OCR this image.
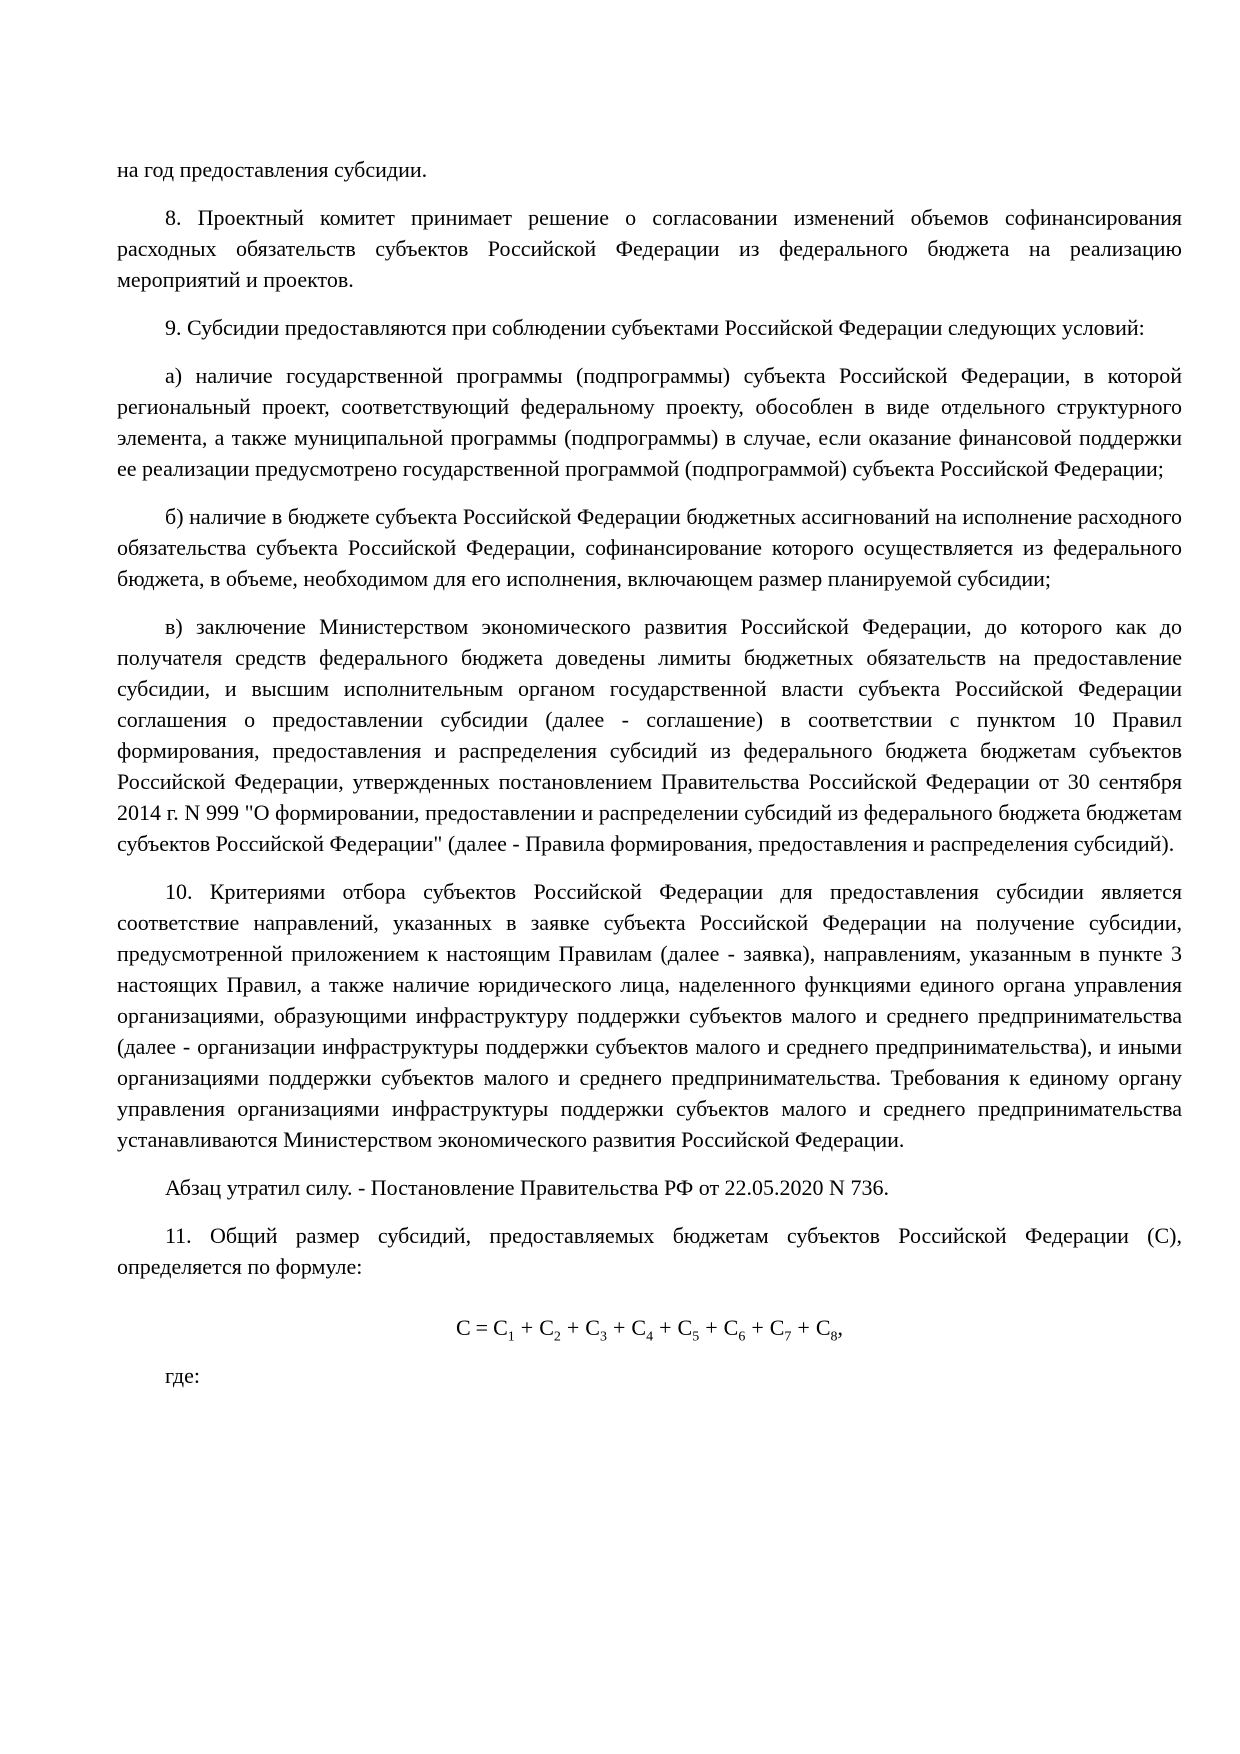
на год предоставления субсидии.
8. Проектный комитет принимает решение о согласовании изменений объемов софинансирования расходных обязательств субъектов Российской Федерации из федерального бюджета на реализацию мероприятий и проектов.
9. Субсидии предоставляются при соблюдении субъектами Российской Федерации следующих условий:
а) наличие государственной программы (подпрограммы) субъекта Российской Федерации, в которой региональный проект, соответствующий федеральному проекту, обособлен в виде отдельного структурного элемента, а также муниципальной программы (подпрограммы) в случае, если оказание финансовой поддержки ее реализации предусмотрено государственной программой (подпрограммой) субъекта Российской Федерации;
б) наличие в бюджете субъекта Российской Федерации бюджетных ассигнований на исполнение расходного обязательства субъекта Российской Федерации, софинансирование которого осуществляется из федерального бюджета, в объеме, необходимом для его исполнения, включающем размер планируемой субсидии;
в) заключение Министерством экономического развития Российской Федерации, до которого как до получателя средств федерального бюджета доведены лимиты бюджетных обязательств на предоставление субсидии, и высшим исполнительным органом государственной власти субъекта Российской Федерации соглашения о предоставлении субсидии (далее - соглашение) в соответствии с пунктом 10 Правил формирования, предоставления и распределения субсидий из федерального бюджета бюджетам субъектов Российской Федерации, утвержденных постановлением Правительства Российской Федерации от 30 сентября 2014 г. N 999 "О формировании, предоставлении и распределении субсидий из федерального бюджета бюджетам субъектов Российской Федерации" (далее - Правила формирования, предоставления и распределения субсидий).
10. Критериями отбора субъектов Российской Федерации для предоставления субсидии является соответствие направлений, указанных в заявке субъекта Российской Федерации на получение субсидии, предусмотренной приложением к настоящим Правилам (далее - заявка), направлениям, указанным в пункте 3 настоящих Правил, а также наличие юридического лица, наделенного функциями единого органа управления организациями, образующими инфраструктуру поддержки субъектов малого и среднего предпринимательства (далее - организации инфраструктуры поддержки субъектов малого и среднего предпринимательства), и иными организациями поддержки субъектов малого и среднего предпринимательства. Требования к единому органу управления организациями инфраструктуры поддержки субъектов малого и среднего предпринимательства устанавливаются Министерством экономического развития Российской Федерации.
Абзац утратил силу. - Постановление Правительства РФ от 22.05.2020 N 736.
11. Общий размер субсидий, предоставляемых бюджетам субъектов Российской Федерации (С), определяется по формуле:
$С = С_1 + С_2 + С_3 + С_4 + С_5 + С_6 + С_7 + С_8$,
где:
